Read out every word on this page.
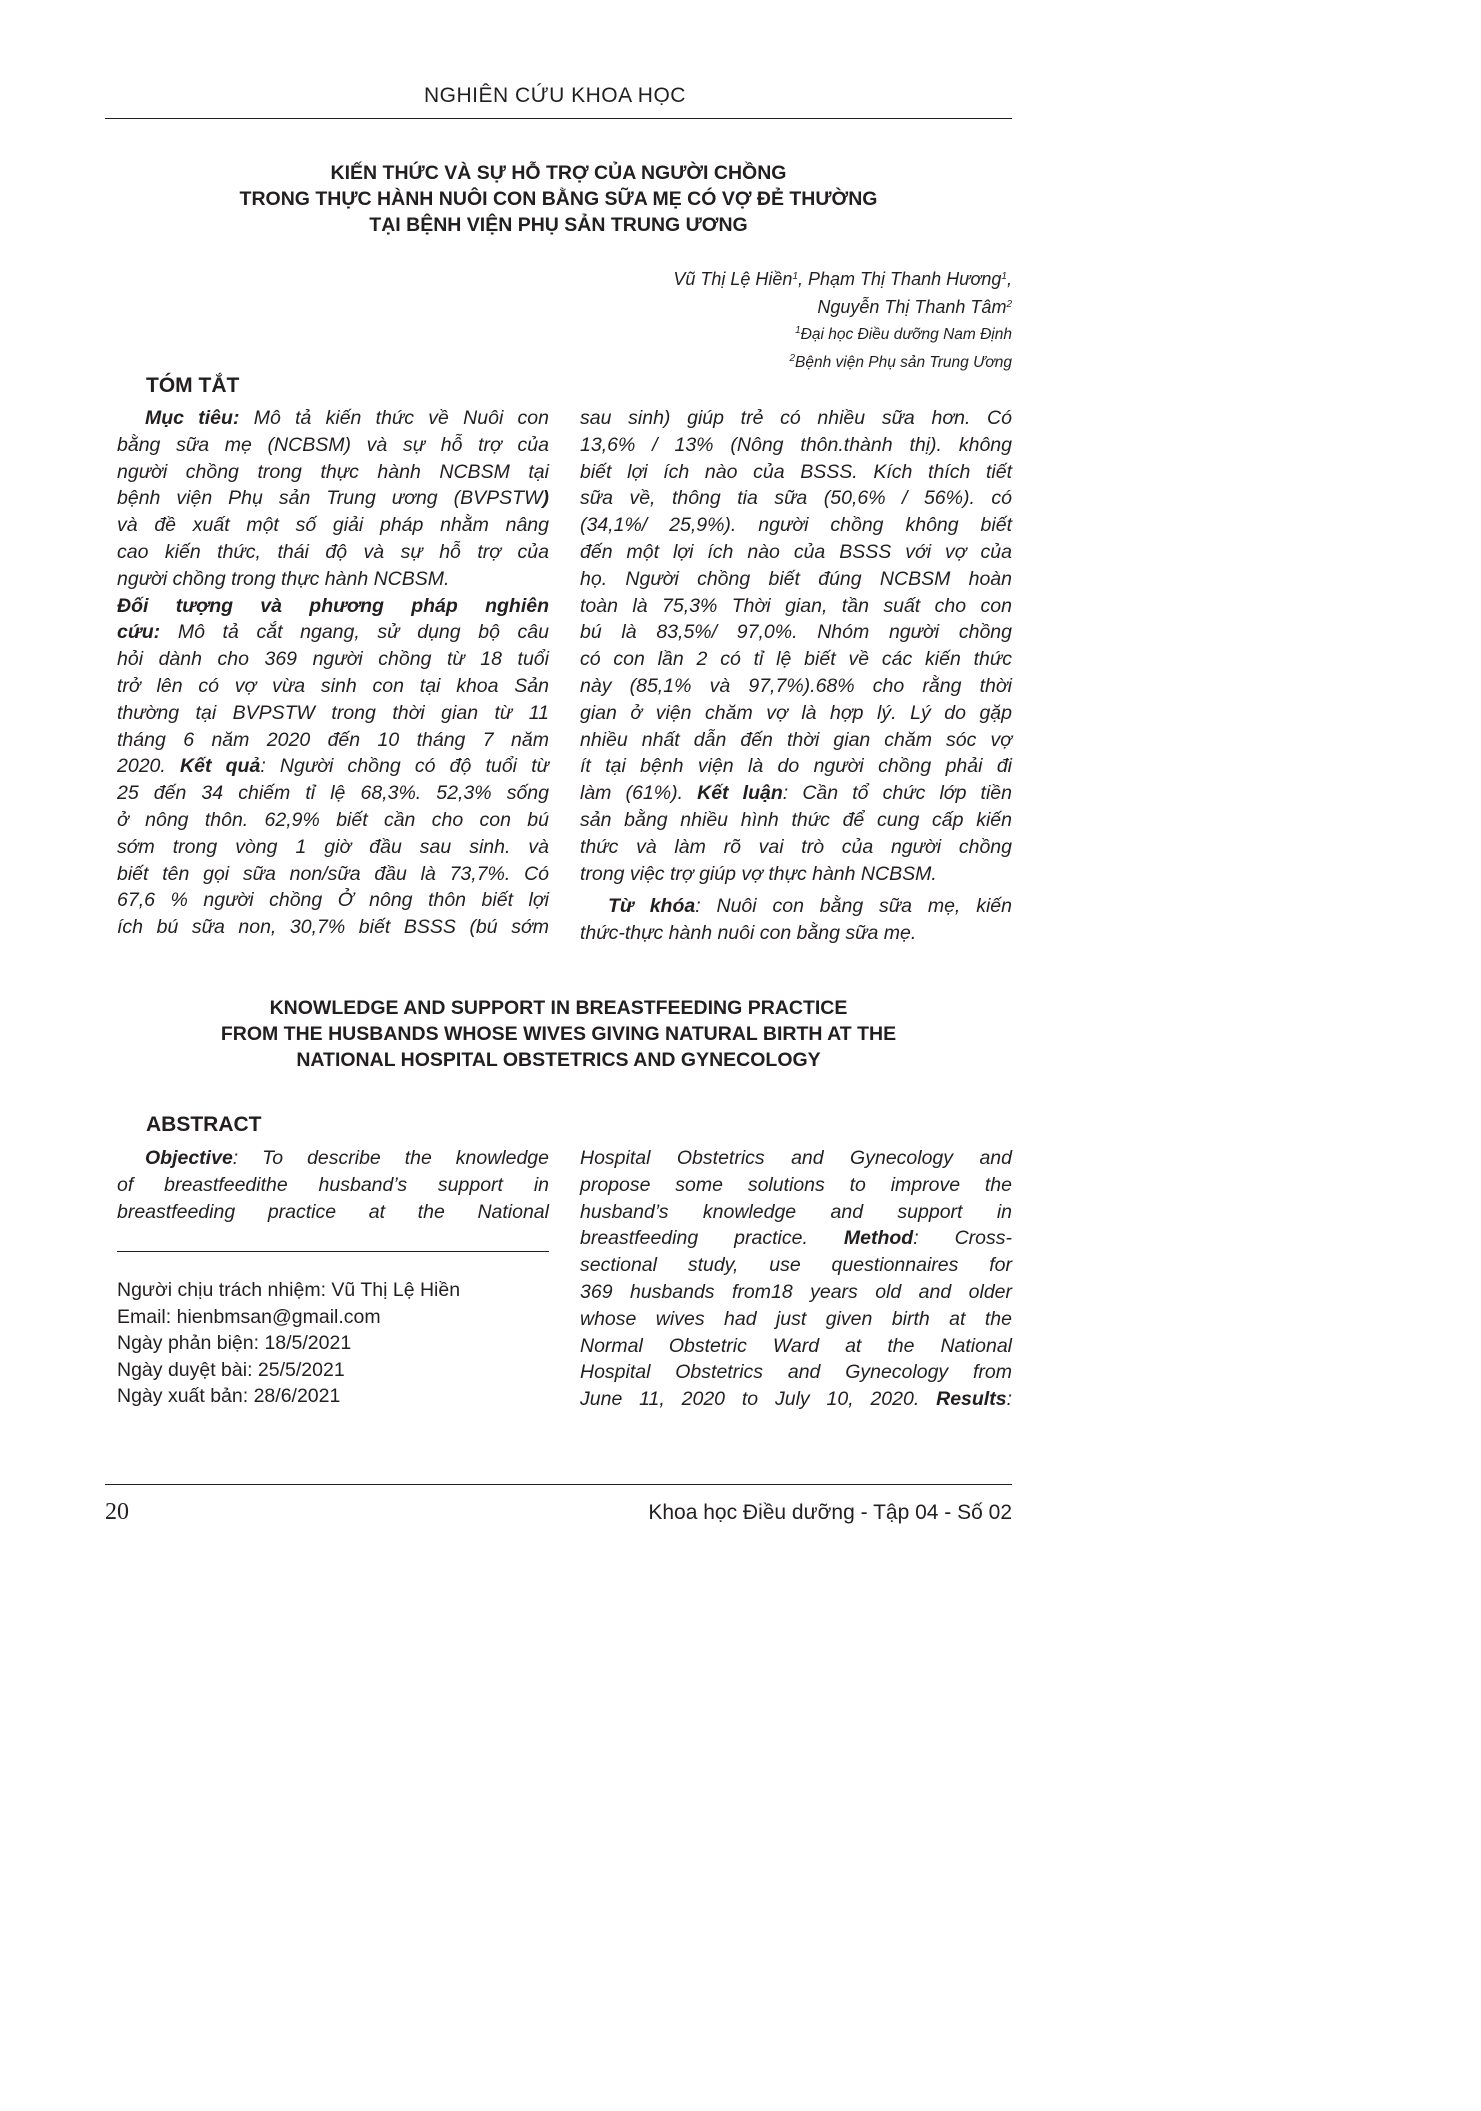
NGHIÊN CỨU KHOA HỌC
KIẾN THỨC VÀ SỰ HỖ TRỢ CỦA NGƯỜI CHỒNG
TRONG THỰC HÀNH NUÔI CON BẰNG SỮA MẸ CÓ VỢ ĐẺ THƯỜNG
TẠI BỆNH VIỆN PHỤ SẢN TRUNG ƯƠNG
Vũ Thị Lệ Hiền$^1$, Phạm Thị Thanh Hương$^1$,
Nguyễn Thị Thanh Tâm$^2$
$^1$Đại học Điều dưỡng Nam Định
$^2$Bệnh viện Phụ sản Trung Ương
TÓM TẮT
Mục tiêu: Mô tả kiến thức về Nuôi con
bằng sữa mẹ (NCBSM) và sự hỗ trợ của
người chồng trong thực hành NCBSM tại
bệnh viện Phụ sản Trung ương (BVPSTW)
và đề xuất một số giải pháp nhằm nâng
cao kiến thức, thái độ và sự hỗ trợ của
người chồng trong thực hành NCBSM.
Đối tượng và phương pháp nghiên
cứu: Mô tả cắt ngang, sử dụng bộ câu
hỏi dành cho 369 người chồng từ 18 tuổi
trở lên có vợ vừa sinh con tại khoa Sản
thường tại BVPSTW trong thời gian từ 11
tháng 6 năm 2020 đến 10 tháng 7 năm
2020. Kết quả: Người chồng có độ tuổi từ
25 đến 34 chiếm tỉ lệ 68,3%. 52,3% sống
ở nông thôn. 62,9% biết cần cho con bú
sớm trong vòng 1 giờ đầu sau sinh. và
biết tên gọi sữa non/sữa đầu là 73,7%. Có
67,6 % người chồng Ở nông thôn biết lợi
ích bú sữa non, 30,7% biết BSSS (bú sớm
sau sinh) giúp trẻ có nhiều sữa hơn. Có
13,6% / 13% (Nông thôn.thành thị). không
biết lợi ích nào của BSSS. Kích thích tiết
sữa về, thông tia sữa (50,6% / 56%). có
(34,1%/ 25,9%). người chồng không biết
đến một lợi ích nào của BSSS với vợ của
họ. Người chồng biết đúng NCBSM hoàn
toàn là 75,3% Thời gian, tần suất cho con
bú là 83,5%/ 97,0%. Nhóm người chồng
có con lần 2 có tỉ lệ biết về các kiến thức
này (85,1% và 97,7%).68% cho rằng thời
gian ở viện chăm vợ là hợp lý. Lý do gặp
nhiều nhất dẫn đến thời gian chăm sóc vợ
ít tại bệnh viện là do người chồng phải đi
làm (61%). Kết luận: Cần tổ chức lớp tiền
sản bằng nhiều hình thức để cung cấp kiến
thức và làm rõ vai trò của người chồng
trong việc trợ giúp vợ thực hành NCBSM.
Từ khóa: Nuôi con bằng sữa mẹ, kiến
thức-thực hành nuôi con bằng sữa mẹ.
KNOWLEDGE AND SUPPORT IN BREASTFEEDING PRACTICE
FROM THE HUSBANDS WHOSE WIVES GIVING NATURAL BIRTH AT THE
NATIONAL HOSPITAL OBSTETRICS AND GYNECOLOGY
ABSTRACT
Objective: To describe the knowledge
of breastfeedithe husband’s support in
breastfeeding practice at the National
Hospital Obstetrics and Gynecology and
propose some solutions to improve the
husband’s knowledge and support in
breastfeeding practice. Method: Cross-
sectional study, use questionnaires for
369 husbands from18 years old and older
whose wives had just given birth at the
Normal Obstetric Ward at the National
Hospital Obstetrics and Gynecology from
June 11, 2020 to July 10, 2020. Results:
Người chịu trách nhiệm: Vũ Thị Lệ Hiền
Email: hienbmsan@gmail.com
Ngày phản biện: 18/5/2021
Ngày duyệt bài: 25/5/2021
Ngày xuất bản: 28/6/2021
20	Khoa học Điều dưỡng - Tập 04 - Số 02
